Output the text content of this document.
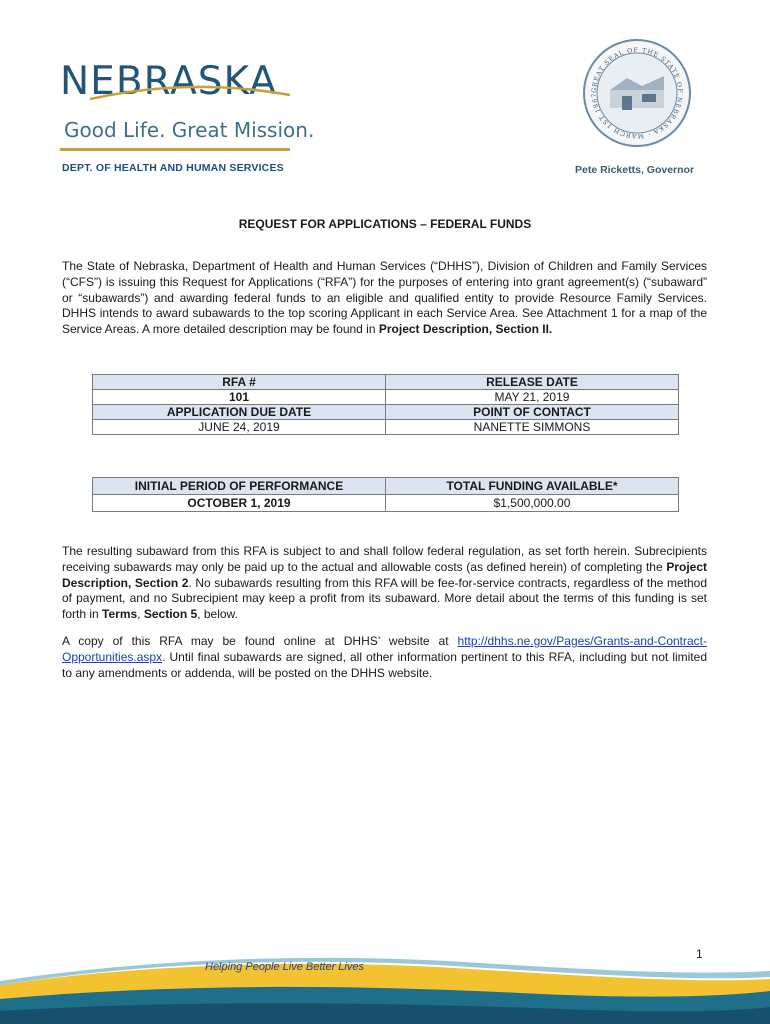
NEBRASKA
Good Life. Great Mission.
DEPT. OF HEALTH AND HUMAN SERVICES
GREAT SEAL OF THE STATE OF NEBRASKA · MARCH 1ST 1867
Pete Ricketts, Governor
REQUEST FOR APPLICATIONS – FEDERAL FUNDS
The State of Nebraska, Department of Health and Human Services (“DHHS”), Division of Children and Family Services (“CFS”) is issuing this Request for Applications (“RFA”) for the purposes of entering into grant agreement(s) (“subaward” or “subawards”) and awarding federal funds to an eligible and qualified entity to provide Resource Family Services. DHHS intends to award subawards to the top scoring Applicant in each Service Area. See Attachment 1 for a map of the Service Areas. A more detailed description may be found in Project Description, Section II.
RFA #	RELEASE DATE
101	MAY 21, 2019
APPLICATION DUE DATE	POINT OF CONTACT
JUNE 24, 2019	NANETTE SIMMONS
INITIAL PERIOD OF PERFORMANCE	TOTAL FUNDING AVAILABLE*
OCTOBER 1, 2019	$1,500,000.00
The resulting subaward from this RFA is subject to and shall follow federal regulation, as set forth herein. Subrecipients receiving subawards may only be paid up to the actual and allowable costs (as defined herein) of completing the Project Description, Section 2. No subawards resulting from this RFA will be fee-for-service contracts, regardless of the method of payment, and no Subrecipient may keep a profit from its subaward. More detail about the terms of this funding is set forth in Terms, Section 5, below.
A copy of this RFA may be found online at DHHS’ website at http://dhhs.ne.gov/Pages/Grants-and-Contract-Opportunities.aspx. Until final subawards are signed, all other information pertinent to this RFA, including but not limited to any amendments or addenda, will be posted on the DHHS website.
1
Helping People Live Better Lives
